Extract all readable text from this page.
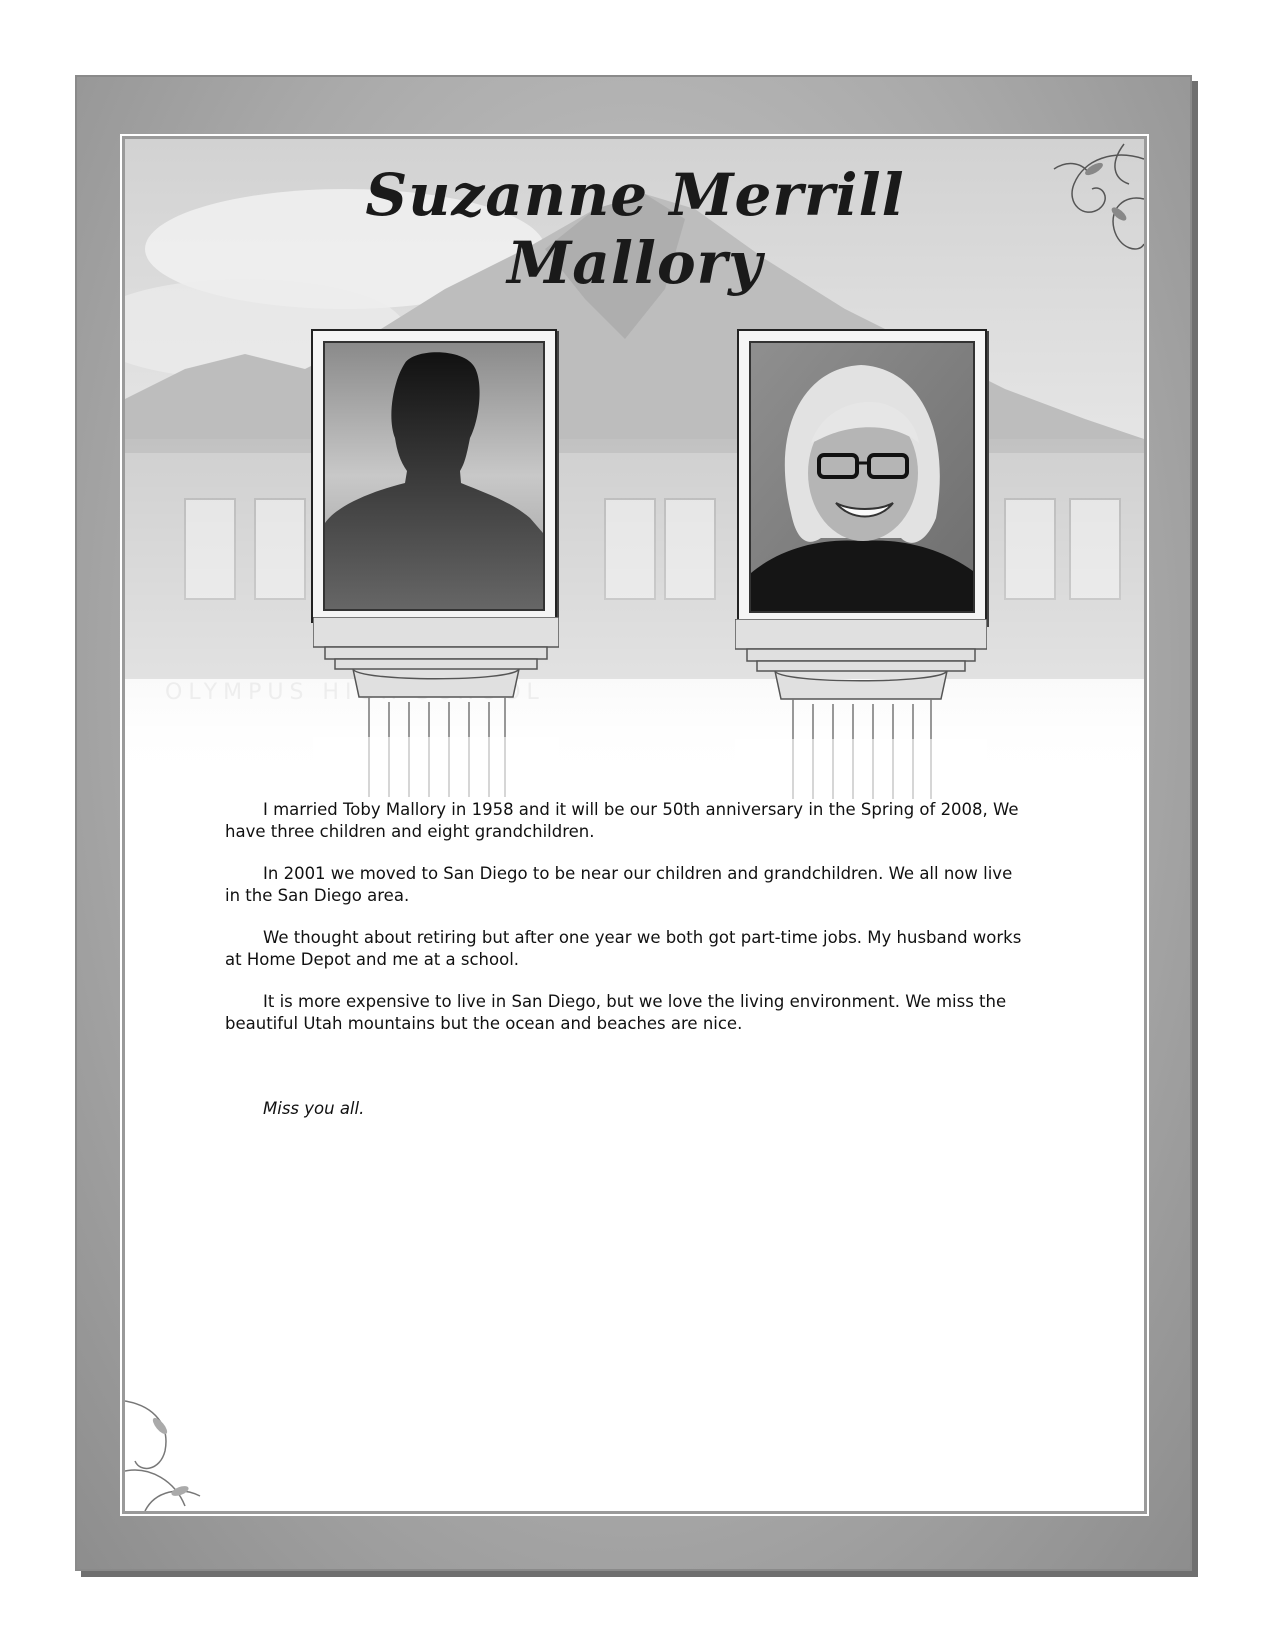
Suzanne Merrill Mallory

I married Toby Mallory in 1958 and it will be our 50th anniversary in the Spring of 2008, We have three children and eight grandchildren.

In 2001 we moved to San Diego to be near our children and grandchildren. We all now live in the San Diego area.

We thought about retiring but after one year we both got part-time jobs. My husband works at Home Depot and me at a school.

It is more expensive to live in San Diego, but we love the living environment. We miss the beautiful Utah mountains but the ocean and beaches are nice.

Miss you all.
